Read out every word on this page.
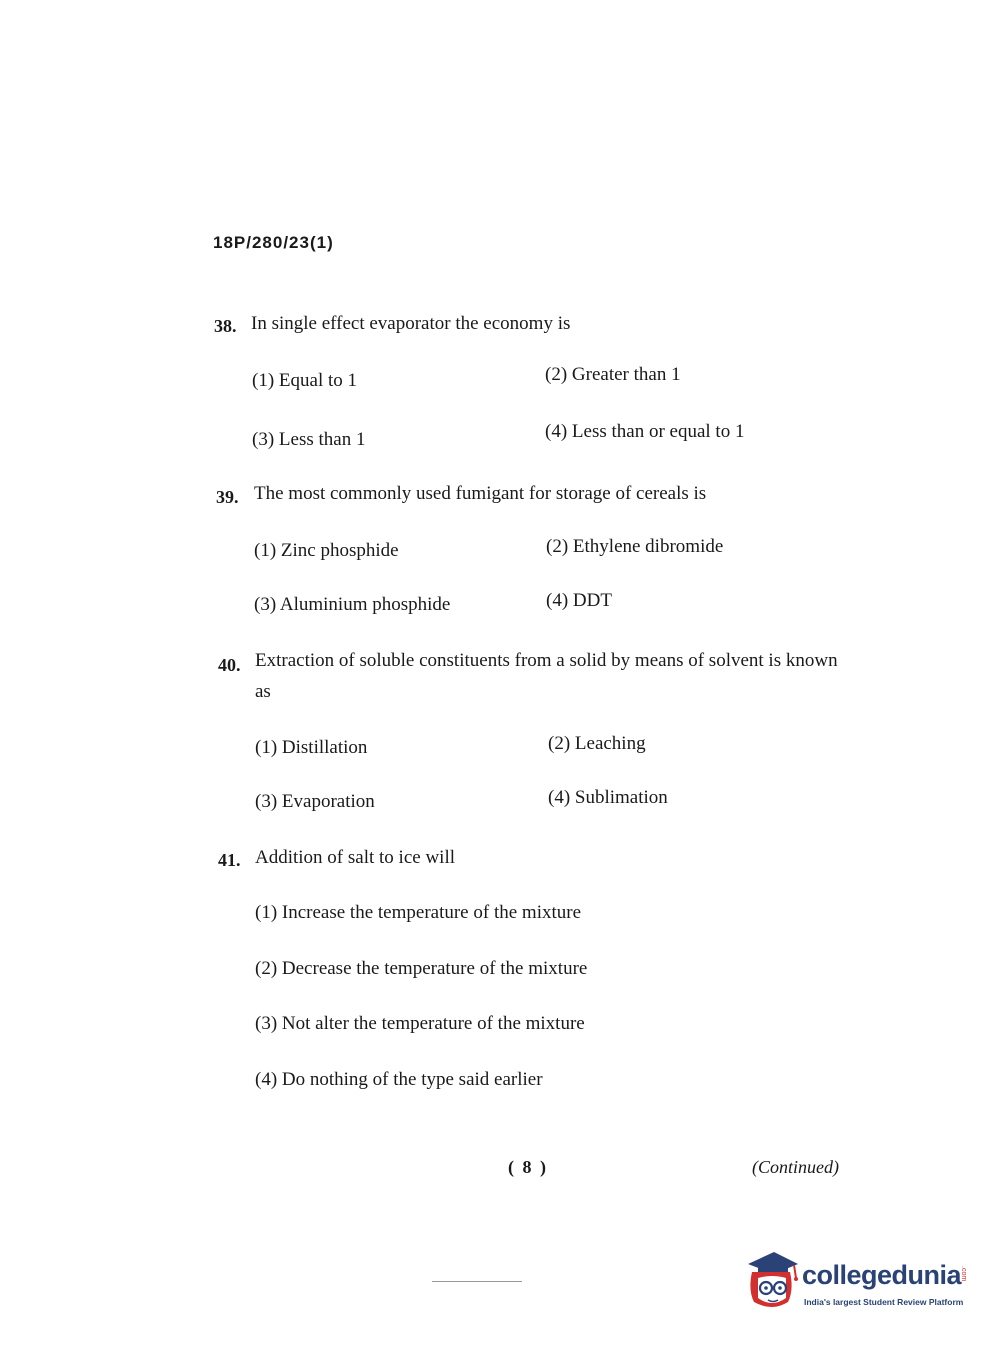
18P/280/23(1)
38. In single effect evaporator the economy is
(1) Equal to 1	(2) Greater than 1
(3) Less than 1	(4) Less than or equal to 1
39. The most commonly used fumigant for storage of cereals is
(1) Zinc phosphide	(2) Ethylene dibromide
(3) Aluminium phosphide	(4) DDT
40. Extraction of soluble constituents from a solid by means of solvent is known
as
(1) Distillation	(2) Leaching
(3) Evaporation	(4) Sublimation
41. Addition of salt to ice will
(1) Increase the temperature of the mixture
(2) Decrease the temperature of the mixture
(3) Not alter the temperature of the mixture
(4) Do nothing of the type said earlier
( 8 )	(Continued)
collegedunia
.com
India's largest Student Review Platform
